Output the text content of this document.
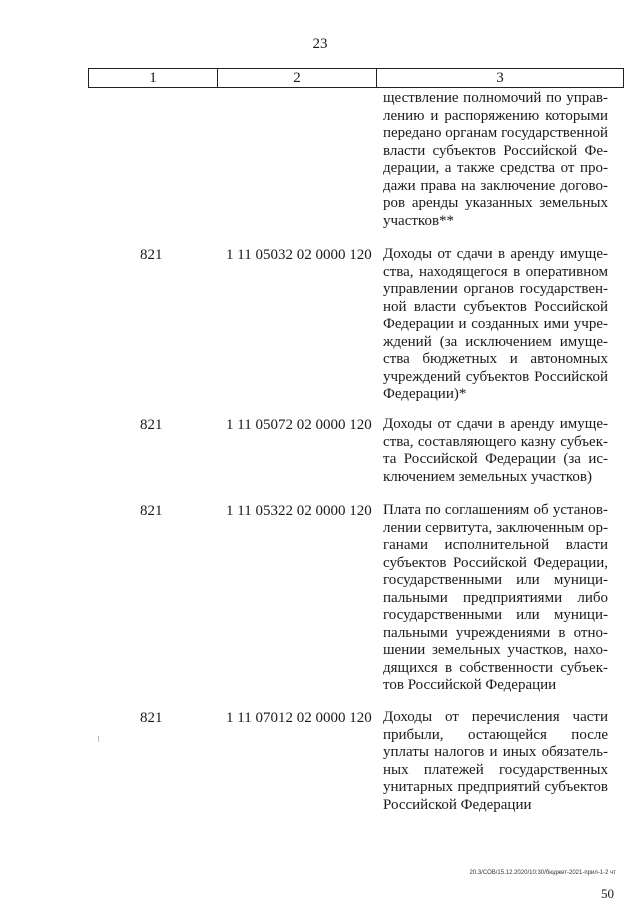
23
1	2	3
ществление полномочий по управ-
лению и распоряжению которыми
передано органам государственной
власти субъектов Российской Фе-
дерации, а также средства от про-
дажи права на заключение догово-
ров аренды указанных земельных
участков**
821	1 11 05032 02 0000 120 Доходы от сдачи в аренду имуще-
ства, находящегося в оперативном
управлении органов государствен-
ной власти субъектов Российской
Федерации и созданных ими учре-
ждений (за исключением имуще-
ства бюджетных и автономных
учреждений субъектов Российской
Федерации)*
821	1 11 05072 02 0000 120 Доходы от сдачи в аренду имуще-
ства, составляющего казну субъек-
та Российской Федерации (за ис-
ключением земельных участков)
821	1 11 05322 02 0000 120 Плата по соглашениям об установ-
лении сервитута, заключенным ор-
ганами исполнительной власти
субъектов Российской Федерации,
государственными или муници-
пальными предприятиями либо
государственными или муници-
пальными учреждениями в отно-
шении земельных участков, нахо-
дящихся в собственности субъек-
тов Российской Федерации
821	1 11 07012 02 0000 120 Доходы от перечисления части
прибыли, остающейся после
уплаты налогов и иных обязатель-
ных платежей государственных
унитарных предприятий субъектов
Российской Федерации
20.3/СОВ/15.12.2020/10:30/бюджет-2021-прил-1-2 чт
50
